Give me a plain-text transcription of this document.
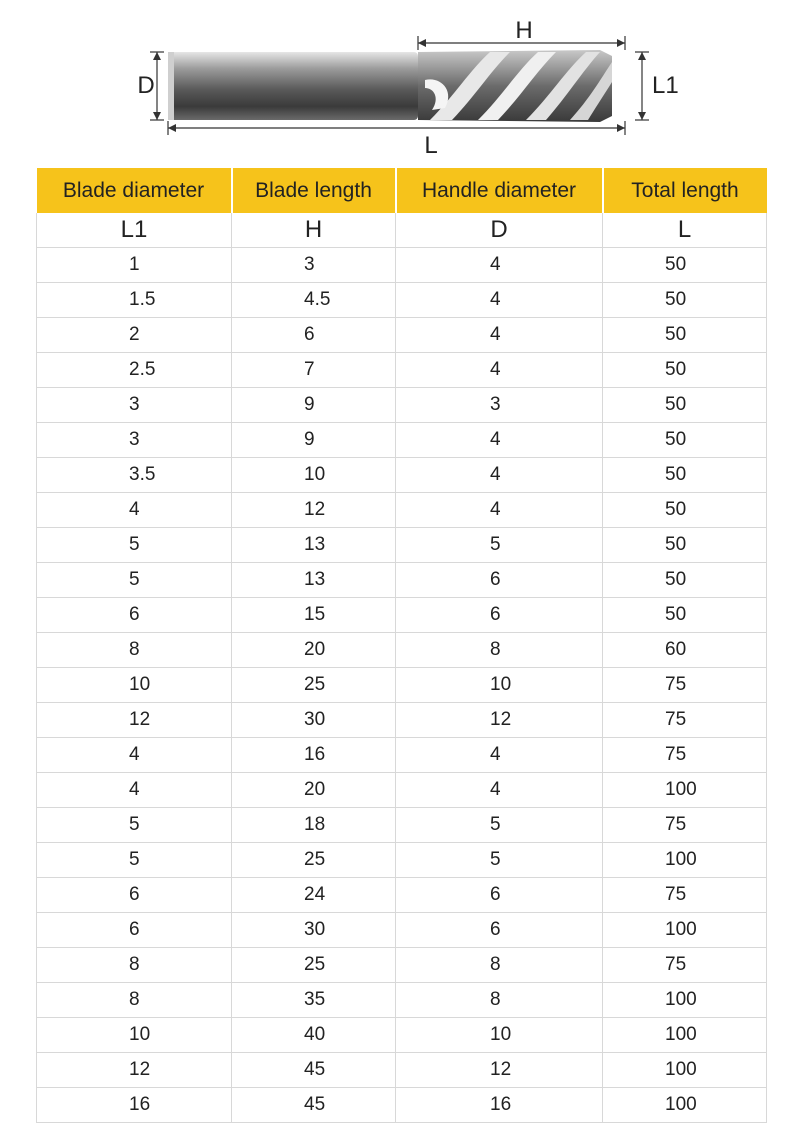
H
D	L1
L
Blade diameter	Blade length	Handle diameter	Total length
L1	H	D	L
1	3	4	50
1.5	4.5	4	50
2	6	4	50
2.5	7	4	50
3	9	3	50
3	9	4	50
3.5	10	4	50
4	12	4	50
5	13	5	50
5	13	6	50
6	15	6	50
8	20	8	60
10	25	10	75
12	30	12	75
4	16	4	75
4	20	4	100
5	18	5	75
5	25	5	100
6	24	6	75
6	30	6	100
8	25	8	75
8	35	8	100
10	40	10	100
12	45	12	100
16	45	16	100
